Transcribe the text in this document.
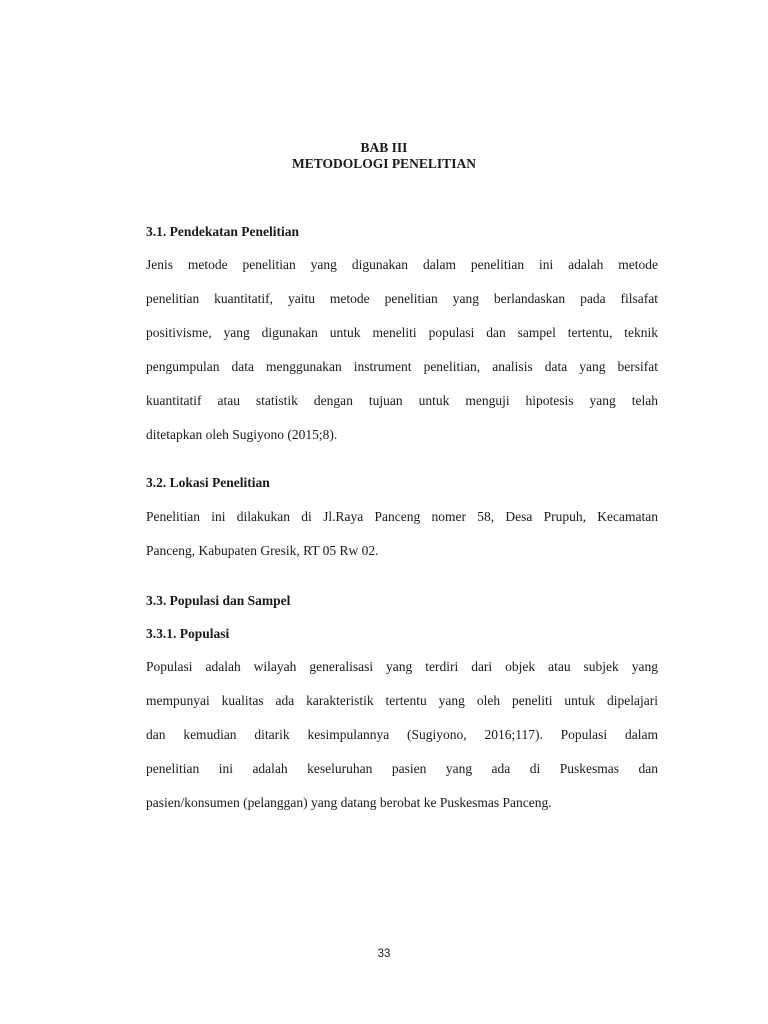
BAB III
METODOLOGI PENELITIAN
3.1. Pendekatan Penelitian
Jenis metode penelitian yang digunakan dalam penelitian ini adalah metode
penelitian kuantitatif, yaitu metode penelitian yang berlandaskan pada filsafat
positivisme, yang digunakan untuk meneliti populasi dan sampel tertentu, teknik
pengumpulan data menggunakan instrument penelitian, analisis data yang bersifat
kuantitatif atau statistik dengan tujuan untuk menguji hipotesis yang telah
ditetapkan oleh Sugiyono (2015;8).
3.2. Lokasi Penelitian
Penelitian ini dilakukan di Jl.Raya Panceng nomer 58, Desa Prupuh, Kecamatan
Panceng, Kabupaten Gresik, RT 05 Rw 02.
3.3. Populasi dan Sampel
3.3.1. Populasi
Populasi adalah wilayah generalisasi yang terdiri dari objek atau subjek yang
mempunyai kualitas ada karakteristik tertentu yang oleh peneliti untuk dipelajari
dan kemudian ditarik kesimpulannya (Sugiyono, 2016;117). Populasi dalam
penelitian ini adalah keseluruhan pasien yang ada di Puskesmas dan
pasien/konsumen (pelanggan) yang datang berobat ke Puskesmas Panceng.
33
